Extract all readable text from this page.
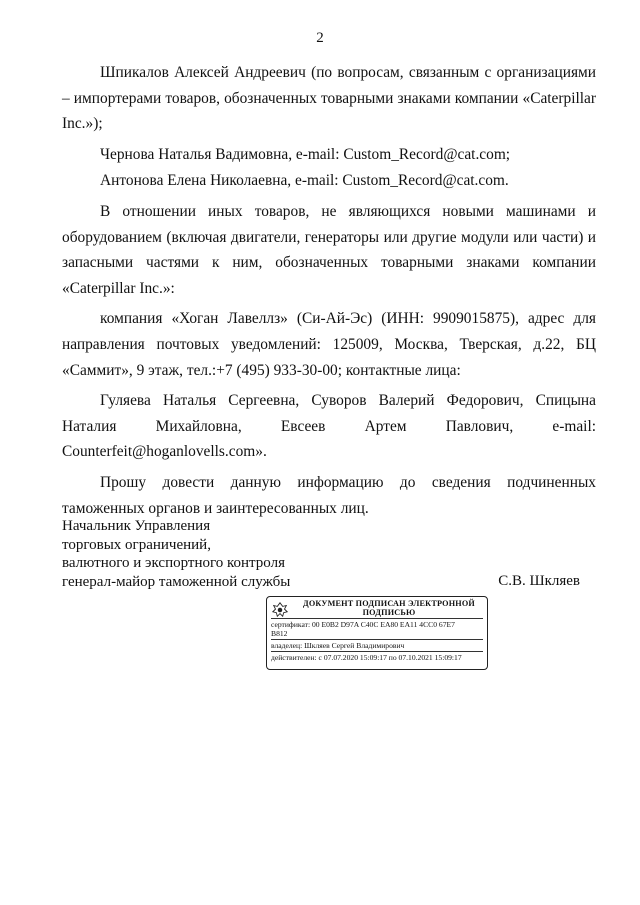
2

Шпикалов Алексей Андреевич (по вопросам, связанным с организациями – импортерами товаров, обозначенных товарными знаками компании «Caterpillar Inc.»);

Чернова Наталья Вадимовна, e-mail: Custom_Record@cat.com;

Антонова Елена Николаевна, e-mail: Custom_Record@cat.com.

В отношении иных товаров, не являющихся новыми машинами и оборудованием (включая двигатели, генераторы или другие модули или части) и запасными частями к ним, обозначенных товарными знаками компании «Caterpillar Inc.»:

компания «Хоган Лавеллз» (Си-Ай-Эс) (ИНН: 9909015875), адрес для направления почтовых уведомлений: 125009, Москва, Тверская, д.22, БЦ «Саммит», 9 этаж, тел.:+7 (495) 933-30-00; контактные лица:

Гуляева Наталья Сергеевна, Суворов Валерий Федорович, Спицына Наталия Михайловна, Евсеев Артем Павлович, e-mail: Counterfeit@hoganlovells.com».

Прошу довести данную информацию до сведения подчиненных таможенных органов и заинтересованных лиц.

Начальник Управления
торговых ограничений,
валютного и экспортного контроля
генерал-майор таможенной службы	С.В. Шкляев
ДОКУМЕНТ ПОДПИСАН ЭЛЕКТРОННОЙ
ПОДПИСЬЮ
сертификат: 00 E0B2 D97A C40C EA80 EA11 4CC0 67E7
B812
владелец: Шкляев Сергей Владимирович
действителен: с 07.07.2020 15:09:17 по 07.10.2021 15:09:17
